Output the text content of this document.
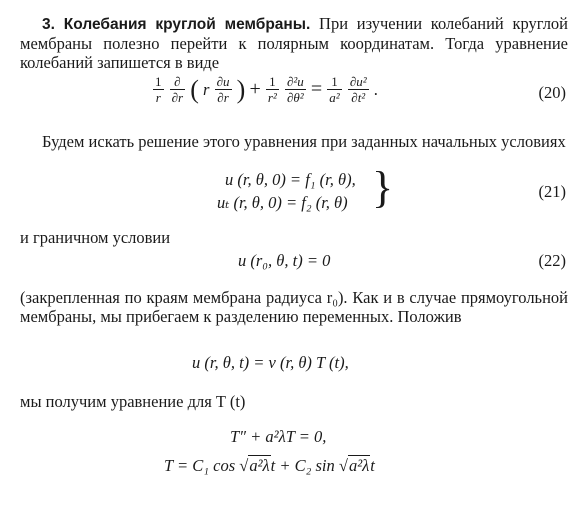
3. Колебания круглой мембраны. При изучении колебаний круглой мембраны полезно перейти к полярным координатам. Тогда уравнение колебаний запишется в виде

$\frac{1}{r}$
$\frac{\partial}{\partial r}$ ( r $\frac{\partial u}{\partial r}$ ) + $\frac{1}{\text{r²}}$
$\frac{\text{∂²u}}{\text{∂θ²}} = \frac{1}{\text{a²}}$
$\frac{\text{∂u²}}{\text{∂t²}}$ .	(20)

Будем искать решение этого уравнения при заданных начальных условиях

u (r, θ, 0) = f₁ (r, θ),
uₜ (r, θ, 0) = f₂ (r, θ) }	(21)

и граничном условии

u (r₀, θ, t) = 0	(22)

(закрепленная по краям мембрана радиуса r₀). Как и в случае прямоугольной мембраны, мы прибегаем к разделению переменных. Положив

u (r, θ, t) = v (r, θ) T (t),

мы получим уравнение для T (t)

T″ + a²λT = 0,
T = C₁ cos √a²λt + C₂ sin √a²λt
